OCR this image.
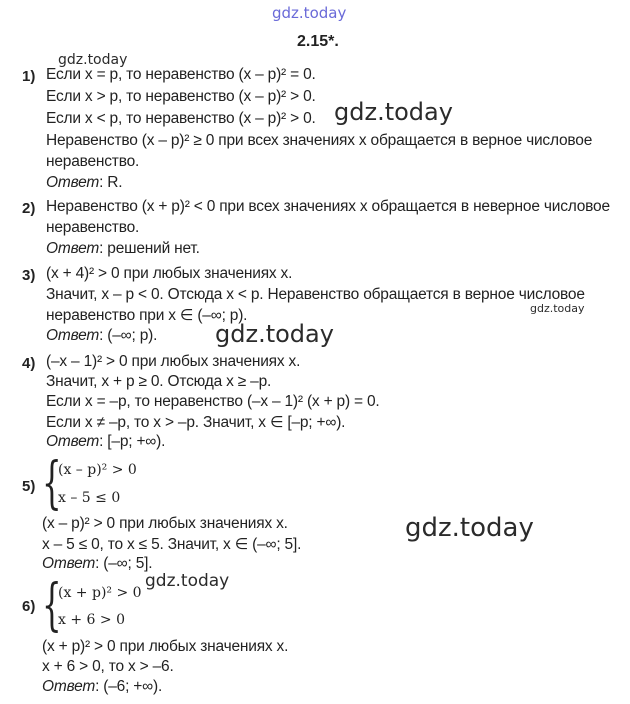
gdz.today
gdz.today
gdz.today
gdz.today
gdz.today
gdz.today
gdz.today
2.15*.
1) Если x = p, то неравенство (x – p)² = 0.
Если x > p, то неравенство (x – p)² > 0.
Если x < p, то неравенство (x – p)² > 0.
Неравенство (x – p)² ≥ 0 при всех значениях x обращается в верное числовое
неравенство.
Ответ: R.
2) Неравенство (x + p)² < 0 при всех значениях x обращается в неверное числовое
неравенство.
Ответ: решений нет.
3) (x + 4)² > 0 при любых значениях x.
Значит, x – p < 0. Отсюда x < p. Неравенство обращается в верное числовое
неравенство при x ∈ (–∞; p).
Ответ: (–∞; p).
4) (–x – 1)² > 0 при любых значениях x.
Значит, x + p ≥ 0. Отсюда x ≥ –p.
Если x = –p, то неравенство (–x – 1)² (x + p) = 0.
Если x ≠ –p, то x > –p. Значит, x ∈ [–p; +∞).
Ответ: [–p; +∞).
5) {
(x – p)² > 0
x – 5 ≤ 0
(x – p)² > 0 при любых значениях x.
x – 5 ≤ 0, то x ≤ 5. Значит, x ∈ (–∞; 5].
Ответ: (–∞; 5].
6) {
(x + p)² > 0
x + 6 > 0
(x + p)² > 0 при любых значениях x.
x + 6 > 0, то x > –6.
Ответ: (–6; +∞).
